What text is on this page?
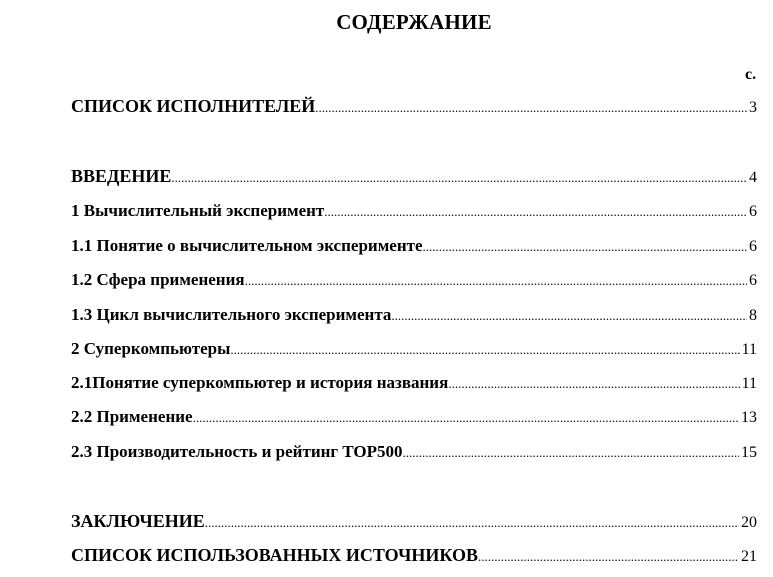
СОДЕРЖАНИЕ
с.
СПИСОК ИСПОЛНИТЕЛЕЙ .....	3
ВВЕДЕНИЕ .....	4
1 Вычислительный эксперимент .....	6
1.1 Понятие о вычислительном эксперименте .....	6
1.2 Сфера применения .....	6
1.3 Цикл вычислительного эксперимента .....	8
2 Суперкомпьютеры .....	11
2.1Понятие суперкомпьютер и история названия .....	11
2.2 Применение .....	13
2.3 Производительность и рейтинг TOP500 .....	15
ЗАКЛЮЧЕНИЕ .....	20
СПИСОК ИСПОЛЬЗОВАННЫХ ИСТОЧНИКОВ .....	21
